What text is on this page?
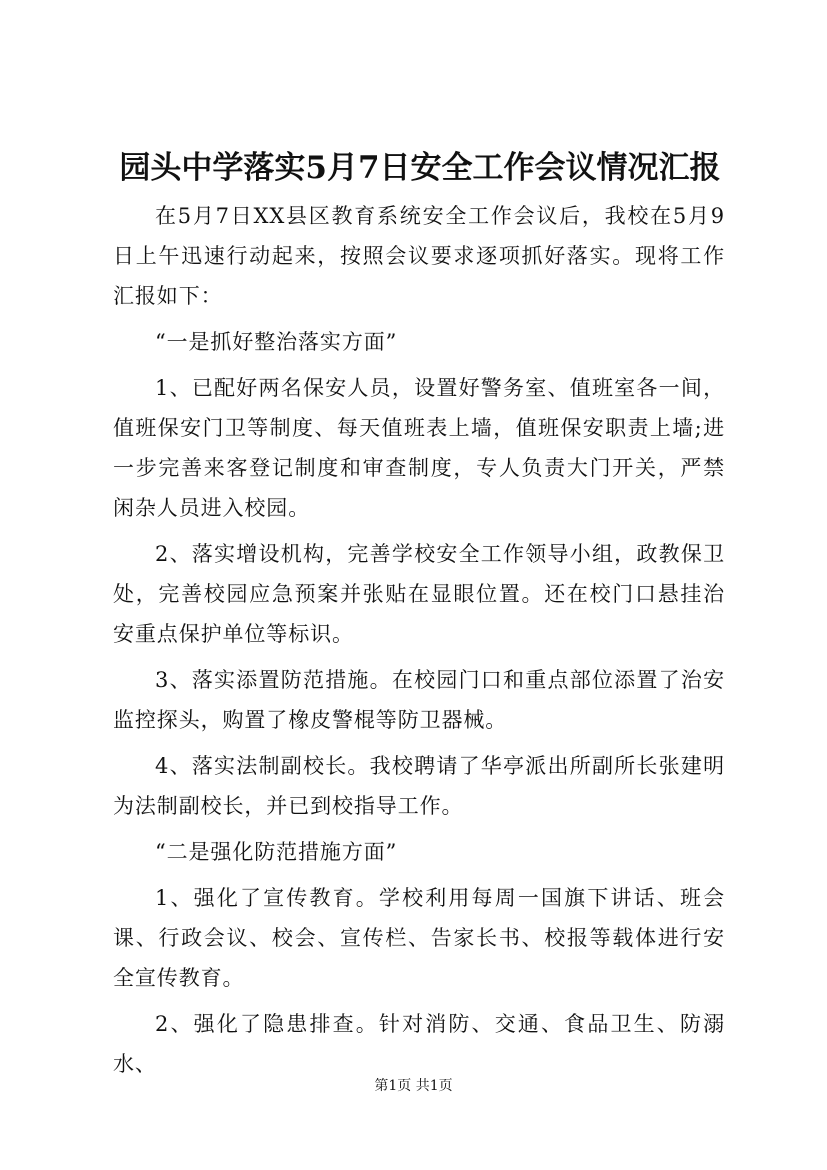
园头中学落实5月7日安全工作会议情况汇报

在5月7日XX县区教育系统安全工作会议后，我校在5月9日上午迅速行动起来，按照会议要求逐项抓好落实。现将工作汇报如下：

“一是抓好整治落实方面”

1、已配好两名保安人员，设置好警务室、值班室各一间，值班保安门卫等制度、每天值班表上墙，值班保安职责上墙;进一步完善来客登记制度和审查制度，专人负责大门开关，严禁闲杂人员进入校园。

2、落实增设机构，完善学校安全工作领导小组，政教保卫处，完善校园应急预案并张贴在显眼位置。还在校门口悬挂治安重点保护单位等标识。

3、落实添置防范措施。在校园门口和重点部位添置了治安监控探头，购置了橡皮警棍等防卫器械。

4、落实法制副校长。我校聘请了华亭派出所副所长张建明为法制副校长，并已到校指导工作。

“二是强化防范措施方面”

1、强化了宣传教育。学校利用每周一国旗下讲话、班会课、行政会议、校会、宣传栏、告家长书、校报等载体进行安全宣传教育。

2、强化了隐患排查。针对消防、交通、食品卫生、防溺水、

第1页 共1页
